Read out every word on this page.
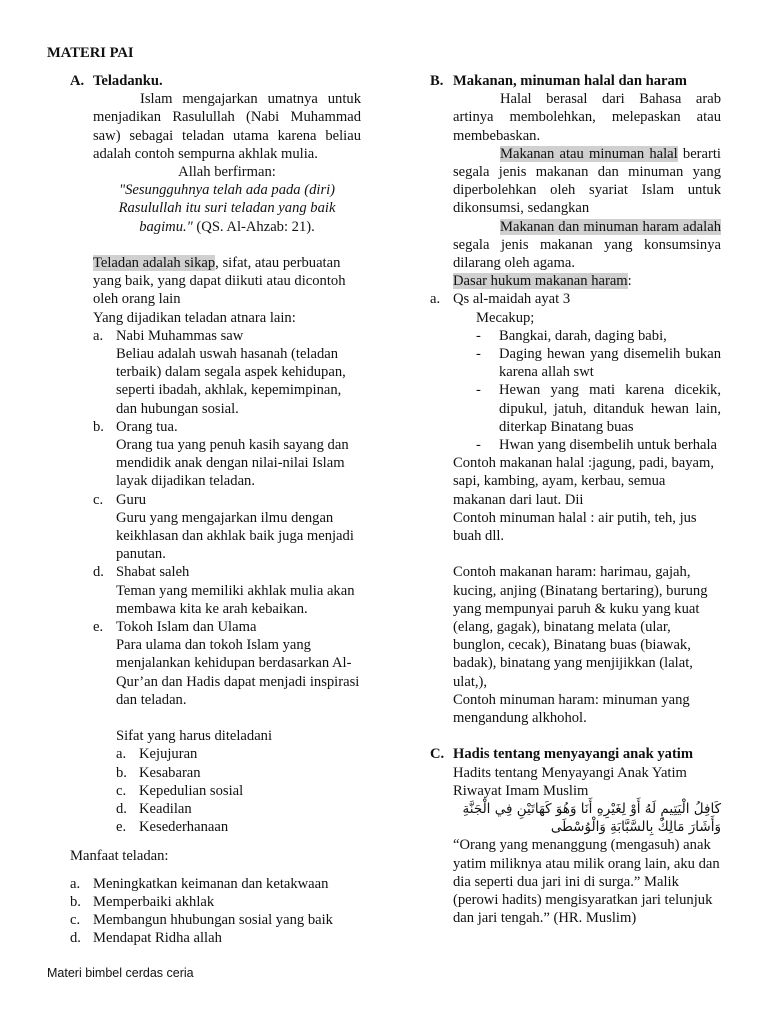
MATERI PAI
A. Teladanku.

Islam mengajarkan umatnya untuk menjadikan Rasulullah (Nabi Muhammad saw) sebagai teladan utama karena beliau adalah contoh sempurna akhlak mulia.

Allah berfirman:

"Sesungguhnya telah ada pada (diri) Rasulullah itu suri teladan yang baik bagimu." (QS. Al-Ahzab: 21).

Teladan adalah sikap, sifat, atau perbuatan yang baik, yang dapat diikuti atau dicontoh oleh orang lain

Yang dijadikan teladan atnara lain:

a. Nabi Muhammas saw

Beliau adalah uswah hasanah (teladan terbaik) dalam segala aspek kehidupan, seperti ibadah, akhlak, kepemimpinan, dan hubungan sosial.

b. Orang tua.

Orang tua yang penuh kasih sayang dan mendidik anak dengan nilai-nilai Islam layak dijadikan teladan.

c. Guru

Guru yang mengajarkan ilmu dengan keikhlasan dan akhlak baik juga menjadi panutan.

d. Shabat saleh

Teman yang memiliki akhlak mulia akan membawa kita ke arah kebaikan.

e. Tokoh Islam dan Ulama

Para ulama dan tokoh Islam yang menjalankan kehidupan berdasarkan Al-Qur’an dan Hadis dapat menjadi inspirasi dan teladan.

Sifat yang harus diteladani

a. Kejujuran
b. Kesabaran
c. Kepedulian sosial
d. Keadilan
e. Kesederhanaan

Manfaat teladan:

a. Meningkatkan keimanan dan ketakwaan
b. Memperbaiki akhlak
c. Membangun hhubungan sosial yang baik
d. Mendapat Ridha allah
B. Makanan, minuman halal dan haram

Halal berasal dari Bahasa arab artinya membolehkan, melepaskan atau membebaskan.

Makanan atau minuman halal berarti segala jenis makanan dan minuman yang diperbolehkan oleh syariat Islam untuk dikonsumsi, sedangkan

Makanan dan minuman haram adalah segala jenis makanan yang konsumsinya dilarang oleh agama.

Dasar hukum makanan haram:

a. Qs al-maidah ayat 3

Mecakup;

-	Bangkai, darah, daging babi,
-	Daging hewan yang disemelih bukan karena allah swt
-	Hewan yang mati karena dicekik, dipukul, jatuh, ditanduk hewan lain, diterkap Binatang buas
-	Hwan yang disembelih untuk berhala

Contoh makanan halal :jagung, padi, bayam, sapi, kambing, ayam, kerbau, semua makanan dari laut. Dii

Contoh minuman halal : air putih, teh, jus buah dll.

Contoh makanan haram: harimau, gajah, kucing, anjing (Binatang bertaring), burung yang mempunyai paruh & kuku yang kuat (elang, gagak), binatang melata (ular, bunglon, cecak), Binatang buas (biawak, badak), binatang yang menjijikkan (lalat, ulat,),

Contoh minuman haram: minuman yang mengandung alkhohol.

C. Hadis tentang menyayangi anak yatim

Hadits tentang Menyayangi Anak Yatim Riwayat Imam Muslim

كَافِلُ الْيَتِيمِ لَهُ أَوْ لِغَيْرِهِ أَنَا وَهُوَ كَهَاتَيْنِ فِي الْجَنَّةِ وَأَشَارَ مَالِكٌ بِالسَّبَّابَةِ وَالْوُسْطَى

“Orang yang menanggung (mengasuh) anak yatim miliknya atau milik orang lain, aku dan dia seperti dua jari ini di surga.” Malik (perowi hadits) mengisyaratkan jari telunjuk dan jari tengah.” (HR. Muslim)

Materi bimbel cerdas ceria
